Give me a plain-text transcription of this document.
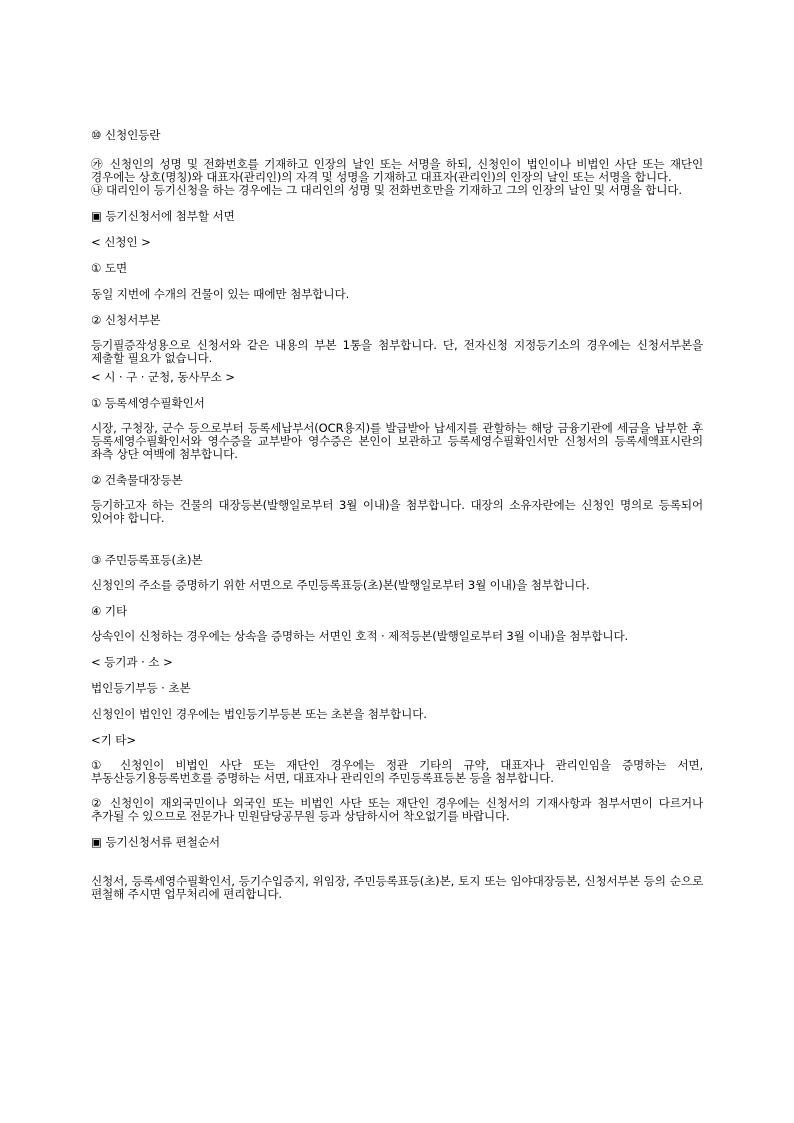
⑩ 신청인등란
㉮ 신청인의 성명 및 전화번호를 기재하고 인장의 날인 또는 서명을 하되, 신청인이 법인이나 비법인 사단 또는 재단인 경우에는 상호(명칭)와 대표자(관리인)의 자격 및 성명을 기재하고 대표자(관리인)의 인장의 날인 또는 서명을 합니다.
㉯ 대리인이 등기신청을 하는 경우에는 그 대리인의 성명 및 전화번호만을 기재하고 그의 인장의 날인 및 서명을 합니다.
▣ 등기신청서에 첨부할 서면
< 신청인 >
① 도면
동일 지번에 수개의 건물이 있는 때에만 첨부합니다.
② 신청서부본
등기필증작성용으로 신청서와 같은 내용의 부본 1통을 첨부합니다. 단, 전자신청 지정등기소의 경우에는 신청서부본을 제출할 필요가 없습니다.
< 시 · 구 · 군청, 동사무소 >
① 등록세영수필확인서
시장, 구청장, 군수 등으로부터 등록세납부서(OCR용지)를 발급받아 납세지를 관할하는 해당 금융기관에 세금을 납부한 후 등록세영수필확인서와 영수증을 교부받아 영수증은 본인이 보관하고 등록세영수필확인서만 신청서의 등록세액표시란의 좌측 상단 여백에 첨부합니다.
② 건축물대장등본
등기하고자 하는 건물의 대장등본(발행일로부터 3월 이내)을 첨부합니다. 대장의 소유자란에는 신청인 명의로 등록되어 있어야 합니다.
③ 주민등록표등(초)본
신청인의 주소를 증명하기 위한 서면으로 주민등록표등(초)본(발행일로부터 3월 이내)을 첨부합니다.
④ 기타
상속인이 신청하는 경우에는 상속을 증명하는 서면인 호적 · 제적등본(발행일로부터 3월 이내)을 첨부합니다.
< 등기과 · 소 >
법인등기부등 · 초본
신청인이 법인인 경우에는 법인등기부등본 또는 초본을 첨부합니다.
<기 타>
① 신청인이 비법인 사단 또는 재단인 경우에는 정관 기타의 규약, 대표자나 관리인임을 증명하는 서면, 부동산등기용등록번호를 증명하는 서면, 대표자나 관리인의 주민등록표등본 등을 첨부합니다.
② 신청인이 재외국민이나 외국인 또는 비법인 사단 또는 재단인 경우에는 신청서의 기재사항과 첨부서면이 다르거나 추가될 수 있으므로 전문가나 민원담당공무원 등과 상담하시어 착오없기를 바랍니다.
▣ 등기신청서류 편철순서
신청서, 등록세영수필확인서, 등기수입증지, 위임장, 주민등록표등(초)본, 토지 또는 임야대장등본, 신청서부본 등의 순으로 편철해 주시면 업무처리에 편리합니다.
